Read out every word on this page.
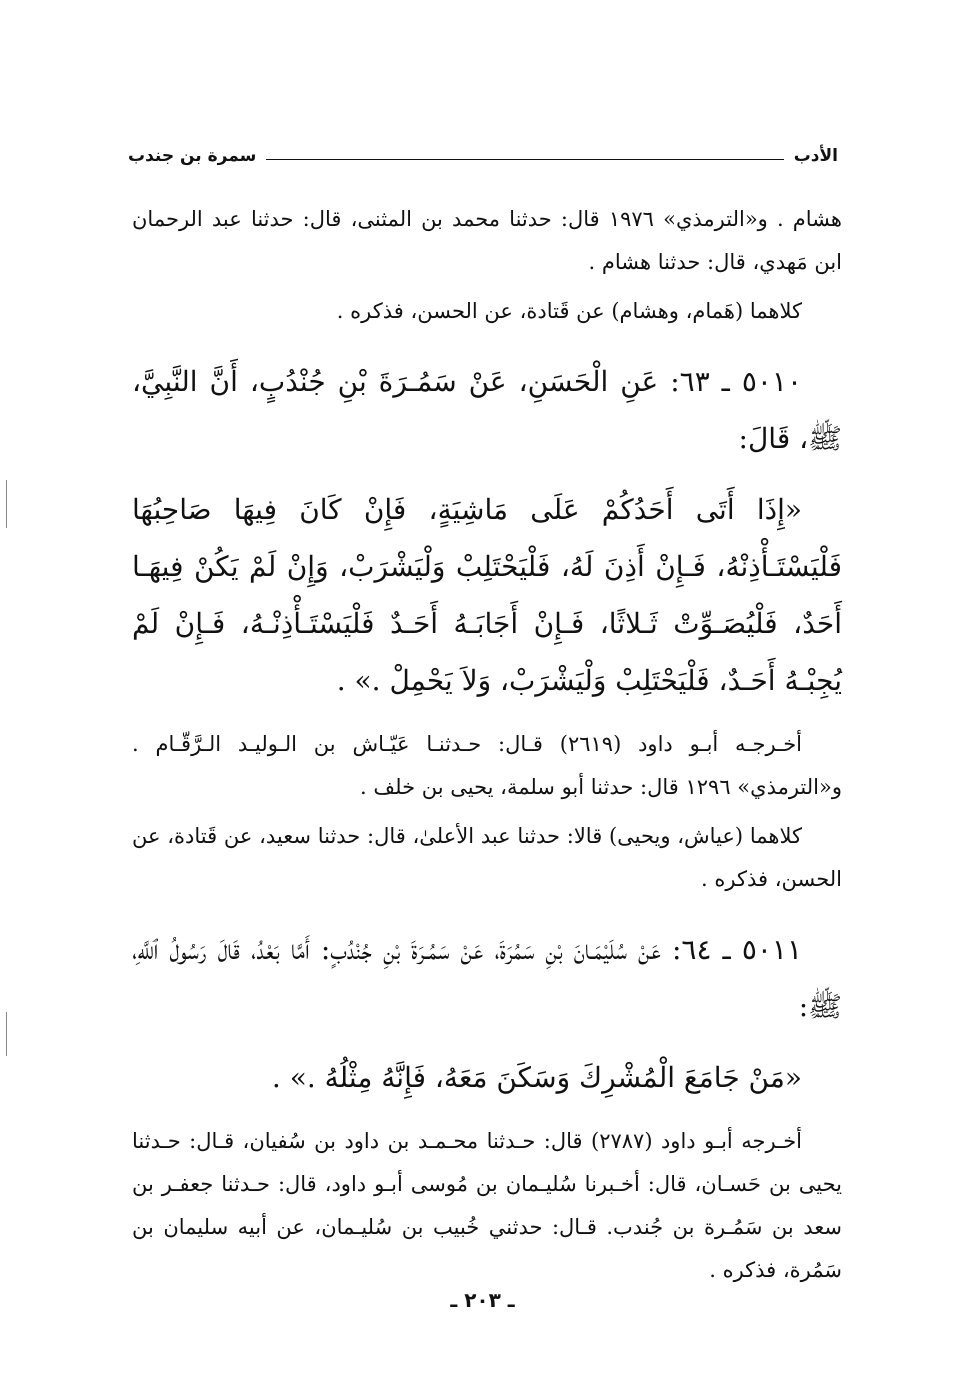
الأدب
سمرة بن جندب

هشام . و«الترمذي» ١٩٧٦ قال: حدثنا محمد بن المثنى، قال: حدثنا عبد الرحمان ابن مَهدي، قال: حدثنا هشام .

كلاهما (هَمام، وهشام) عن قَتادة، عن الحسن، فذكره .

٥٠١٠ ـ ٦٣: عَنِ الْحَسَنِ، عَنْ سَمُـرَةَ بْنِ جُنْدُبٍ، أَنَّ النَّبِيَّ، ﷺ، قَالَ:

«إِذَا أَتَى أَحَدُكُمْ عَلَى مَاشِيَةٍ، فَإِنْ كَانَ فِيهَا صَاحِبُهَا فَلْيَسْتَـأْذِنْهُ، فَـإِنْ أَذِنَ لَهُ، فَلْيَحْتَلِبْ وَلْيَشْرَبْ، وَإِنْ لَمْ يَكُنْ فِيهَـا أَحَدٌ، فَلْيُصَـوِّتْ ثَـلاثًا، فَـإِنْ أَجَابَـهُ أَحَـدٌ فَلْيَسْتَـأْذِنْـهُ، فَـإِنْ لَمْ يُجِبْـهُ أَحَـدٌ، فَلْيَحْتَلِبْ وَلْيَشْرَبْ، وَلاَ يَحْمِلْ .» .

أخـرجـه أبـو داود (٢٦١٩) قـال: حـدثنـا عَيّـاش بن الـوليـد الـرَّقّـام . و«الترمذي» ١٢٩٦ قال: حدثنا أبو سلمة، يحيى بن خلف .

كلاهما (عياش، ويحيى) قالا: حدثنا عبد الأعلىٰ، قال: حدثنا سعيد، عن قَتادة، عن الحسن، فذكره .

٥٠١١ ـ ٦٤: عَنْ سُلَيْمَـانَ بْنِ سَمُرَةَ، عَنْ سَمُـرَةَ بْنِ جُنْدُبٍ: أَمَّا بَعْدُ، قَالَ رَسُولُ ٱللَّهِ، ﷺ:

«مَنْ جَامَعَ الْمُشْرِكَ وَسَكَنَ مَعَهُ، فَإِنَّهُ مِثْلُهُ .» .

أخـرجه أبـو داود (٢٧٨٧) قال: حـدثنا محـمـد بن داود بن سُفيان، قـال: حـدثنا يحيى بن حَسـان، قال: أخـبرنا سُليـمان بن مُوسى أبـو داود، قال: حـدثنا جعفـر بن سعد بن سَمُـرة بن جُندب. قـال: حدثني خُبيب بن سُليـمان، عن أبيه سليمان بن سَمُرة، فذكره .

ـ ٢٠٣ ـ
